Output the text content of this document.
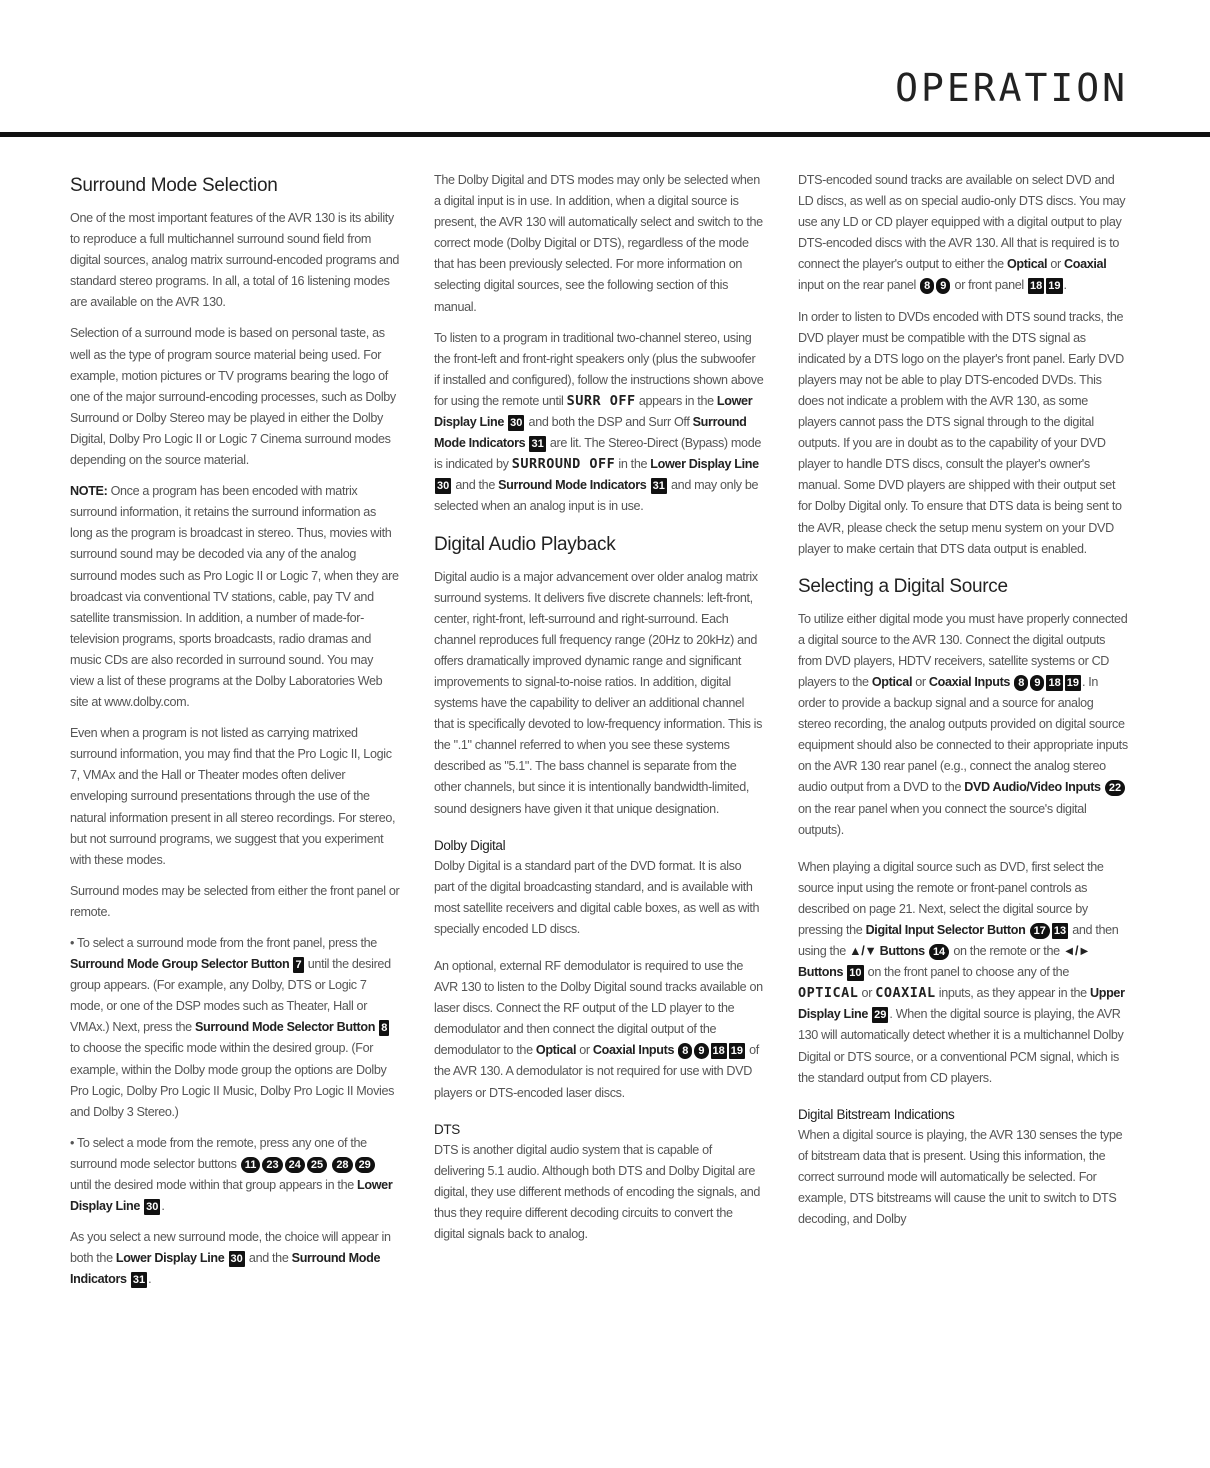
OPERATION
Surround Mode Selection

One of the most important features of the AVR 130 is its ability to reproduce a full multichannel surround sound field from digital sources, analog matrix surround-encoded programs and standard stereo programs. In all, a total of 16 listening modes are available on the AVR 130.

Selection of a surround mode is based on personal taste, as well as the type of program source material being used. For example, motion pictures or TV programs bearing the logo of one of the major surround-encoding processes, such as Dolby Surround or Dolby Stereo may be played in either the Dolby Digital, Dolby Pro Logic II or Logic 7 Cinema surround modes depending on the source material.

NOTE: Once a program has been encoded with matrix surround information, it retains the surround information as long as the program is broadcast in stereo. Thus, movies with surround sound may be decoded via any of the analog surround modes such as Pro Logic II or Logic 7, when they are broadcast via conventional TV stations, cable, pay TV and satellite transmission. In addition, a number of made-for-television programs, sports broadcasts, radio dramas and music CDs are also recorded in surround sound. You may view a list of these programs at the Dolby Laboratories Web site at www.dolby.com.

Even when a program is not listed as carrying matrixed surround information, you may find that the Pro Logic II, Logic 7, VMAx and the Hall or Theater modes often deliver enveloping surround presentations through the use of the natural information present in all stereo recordings. For stereo, but not surround programs, we suggest that you experiment with these modes.

Surround modes may be selected from either the front panel or remote.

• To select a surround mode from the front panel, press the Surround Mode Group Selector Button 7 until the desired group appears. (For example, any Dolby, DTS or Logic 7 mode, or one of the DSP modes such as Theater, Hall or VMAx.) Next, press the Surround Mode Selector Button 8 to choose the specific mode within the desired group. (For example, within the Dolby mode group the options are Dolby Pro Logic, Dolby Pro Logic II Music, Dolby Pro Logic II Movies and Dolby 3 Stereo.)

• To select a mode from the remote, press any one of the surround mode selector buttons 11 23 24 25 28 29 until the desired mode within that group appears in the Lower Display Line 30 .

As you select a new surround mode, the choice will appear in both the Lower Display Line 30 and the Surround Mode Indicators 31 .

The Dolby Digital and DTS modes may only be selected when a digital input is in use. In addition, when a digital source is present, the AVR 130 will automatically select and switch to the correct mode (Dolby Digital or DTS), regardless of the mode that has been previously selected. For more information on selecting digital sources, see the following section of this manual.

To listen to a program in traditional two-channel stereo, using the front-left and front-right speakers only (plus the subwoofer if installed and configured), follow the instructions shown above for using the remote until SURR OFF appears in the Lower Display Line 30 and both the DSP and Surr Off Surround Mode Indicators 31 are lit. The Stereo-Direct (Bypass) mode is indicated by SURROUND OFF in the Lower Display Line 30 and the Surround Mode Indicators 31 and may only be selected when an analog input is in use.

Digital Audio Playback

Digital audio is a major advancement over older analog matrix surround systems. It delivers five discrete channels: left-front, center, right-front, left-surround and right-surround. Each channel reproduces full frequency range (20Hz to 20kHz) and offers dramatically improved dynamic range and significant improvements to signal-to-noise ratios. In addition, digital systems have the capability to deliver an additional channel that is specifically devoted to low-frequency information. This is the ".1" channel referred to when you see these systems described as "5.1". The bass channel is separate from the other channels, but since it is intentionally bandwidth-limited, sound designers have given it that unique designation.

Dolby Digital

Dolby Digital is a standard part of the DVD format. It is also part of the digital broadcasting standard, and is available with most satellite receivers and digital cable boxes, as well as with specially encoded LD discs.

An optional, external RF demodulator is required to use the AVR 130 to listen to the Dolby Digital sound tracks available on laser discs. Connect the RF output of the LD player to the demodulator and then connect the digital output of the demodulator to the Optical or Coaxial Inputs 8 9 18 19 of the AVR 130. A demodulator is not required for use with DVD players or DTS-encoded laser discs.

DTS

DTS is another digital audio system that is capable of delivering 5.1 audio. Although both DTS and Dolby Digital are digital, they use different methods of encoding the signals, and thus they require different decoding circuits to convert the digital signals back to analog.

DTS-encoded sound tracks are available on select DVD and LD discs, as well as on special audio-only DTS discs. You may use any LD or CD player equipped with a digital output to play DTS-encoded discs with the AVR 130. All that is required is to connect the player's output to either the Optical or Coaxial input on the rear panel 8 9 or front panel 18 19 .

In order to listen to DVDs encoded with DTS sound tracks, the DVD player must be compatible with the DTS signal as indicated by a DTS logo on the player's front panel. Early DVD players may not be able to play DTS-encoded DVDs. This does not indicate a problem with the AVR 130, as some players cannot pass the DTS signal through to the digital outputs. If you are in doubt as to the capability of your DVD player to handle DTS discs, consult the player's owner's manual. Some DVD players are shipped with their output set for Dolby Digital only. To ensure that DTS data is being sent to the AVR, please check the setup menu system on your DVD player to make certain that DTS data output is enabled.

Selecting a Digital Source

To utilize either digital mode you must have properly connected a digital source to the AVR 130. Connect the digital outputs from DVD players, HDTV receivers, satellite systems or CD players to the Optical or Coaxial Inputs 8 9 18 19 . In order to provide a backup signal and a source for analog stereo recording, the analog outputs provided on digital source equipment should also be connected to their appropriate inputs on the AVR 130 rear panel (e.g., connect the analog stereo audio output from a DVD to the DVD Audio/Video Inputs 22 on the rear panel when you connect the source's digital outputs).

When playing a digital source such as DVD, first select the source input using the remote or front-panel controls as described on page 21. Next, select the digital source by pressing the Digital Input Selector Button 17 13 and then using the ▲/▼ Buttons 14 on the remote or the ◄/► Buttons 10 on the front panel to choose any of the OPTICAL or COAXIAL inputs, as they appear in the Upper Display Line 29 . When the digital source is playing, the AVR 130 will automatically detect whether it is a multichannel Dolby Digital or DTS source, or a conventional PCM signal, which is the standard output from CD players.

Digital Bitstream Indications

When a digital source is playing, the AVR 130 senses the type of bitstream data that is present. Using this information, the correct surround mode will automatically be selected. For example, DTS bitstreams will cause the unit to switch to DTS decoding, and Dolby
